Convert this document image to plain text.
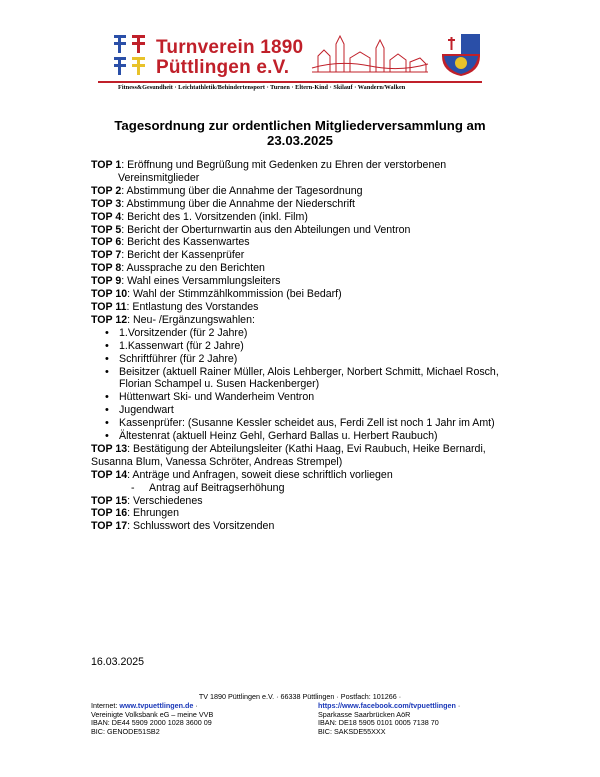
Turnverein 1890
Püttlingen e.V.
Fitness&Gesundheit · Leichtathletik/Behindertensport · Turnen · Eltern-Kind · Skilauf · Wandern/Walken
Tagesordnung zur ordentlichen Mitgliederversammlung am
23.03.2025
TOP 1: Eröffnung und Begrüßung mit Gedenken zu Ehren der verstorbenen
Vereinsmitglieder
TOP 2: Abstimmung über die Annahme der Tagesordnung
TOP 3: Abstimmung über die Annahme der Niederschrift
TOP 4: Bericht des 1. Vorsitzenden (inkl. Film)
TOP 5: Bericht der Oberturnwartin aus den Abteilungen und Ventron
TOP 6: Bericht des Kassenwartes
TOP 7: Bericht der Kassenprüfer
TOP 8: Aussprache zu den Berichten
TOP 9: Wahl eines Versammlungsleiters
TOP 10: Wahl der Stimmzählkommission (bei Bedarf)
TOP 11: Entlastung des Vorstandes
TOP 12: Neu- /Ergänzungswahlen:
• 1.Vorsitzender (für 2 Jahre)
• 1.Kassenwart (für 2 Jahre)
• Schriftführer (für 2 Jahre)
• Beisitzer (aktuell Rainer Müller, Alois Lehberger, Norbert Schmitt, Michael Rosch, Florian Schampel u. Susen Hackenberger)
• Hüttenwart Ski- und Wanderheim Ventron
• Jugendwart
• Kassenprüfer: (Susanne Kessler scheidet aus, Ferdi Zell ist noch 1 Jahr im Amt)
• Ältestenrat (aktuell Heinz Gehl, Gerhard Ballas u. Herbert Raubuch)
TOP 13: Bestätigung der Abteilungsleiter (Kathi Haag, Evi Raubuch, Heike Bernardi, Susanna Blum, Vanessa Schröter, Andreas Strempel)
TOP 14: Anträge und Anfragen, soweit diese schriftlich vorliegen
- Antrag auf Beitragserhöhung
TOP 15: Verschiedenes
TOP 16: Ehrungen
TOP 17: Schlusswort des Vorsitzenden
16.03.2025
TV 1890 Püttlingen e.V. · 66338 Püttlingen · Postfach: 101266 ·
Internet: www.tvpuettlingen.de ·
Vereinigte Volksbank eG – meine VVB
IBAN: DE44 5909 2000 1028 3600 09
BIC: GENODE51SB2
https://www.facebook.com/tvpuettlingen ·
Sparkasse Saarbrücken AöR
IBAN: DE18 5905 0101 0005 7138 70
BIC: SAKSDE55XXX
